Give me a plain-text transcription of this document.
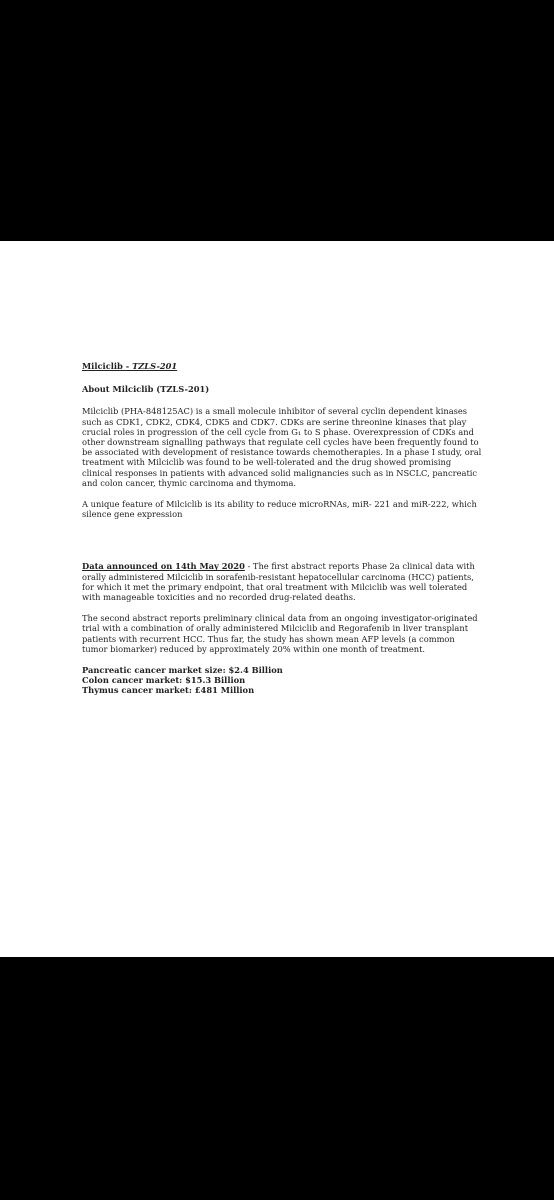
Milciclib - TZLS-201

About Milciclib (TZLS-201)

Milciclib (PHA-848125AC) is a small molecule inhibitor of several cyclin dependent kinases such as CDK1, CDK2, CDK4, CDK5 and CDK7. CDKs are serine threonine kinases that play crucial roles in progression of the cell cycle from G₁ to S phase. Overexpression of CDKs and other downstream signalling pathways that regulate cell cycles have been frequently found to be associated with development of resistance towards chemotherapies. In a phase I study, oral treatment with Milciclib was found to be well-tolerated and the drug showed promising clinical responses in patients with advanced solid malignancies such as in NSCLC, pancreatic and colon cancer, thymic carcinoma and thymoma.

A unique feature of Milciclib is its ability to reduce microRNAs, miR- 221 and miR-222, which silence gene expression

Data announced on 14th May 2020 - The first abstract reports Phase 2a clinical data with orally administered Milciclib in sorafenib-resistant hepatocellular carcinoma (HCC) patients, for which it met the primary endpoint, that oral treatment with Milciclib was well tolerated with manageable toxicities and no recorded drug-related deaths.

The second abstract reports preliminary clinical data from an ongoing investigator-originated trial with a combination of orally administered Milciclib and Regorafenib in liver transplant patients with recurrent HCC. Thus far, the study has shown mean AFP levels (a common tumor biomarker) reduced by approximately 20% within one month of treatment.

Pancreatic cancer market size: $2.4 Billion

Colon cancer market: $15.3 Billion

Thymus cancer market: £481 Million
